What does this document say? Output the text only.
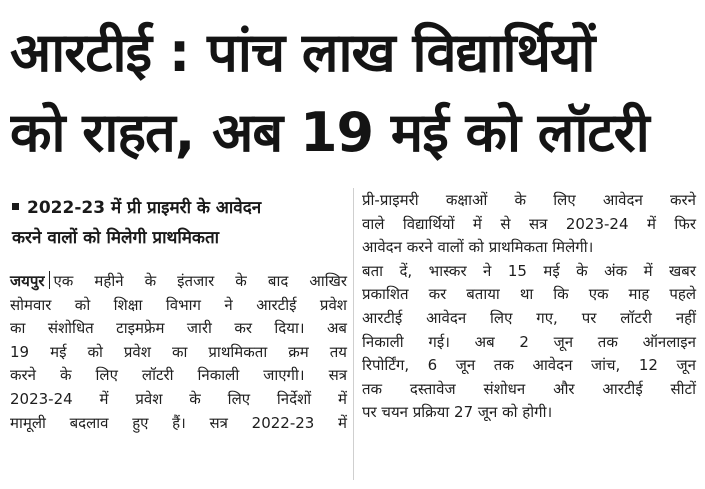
आरटीई : पांच लाख विद्यार्थियों
को राहत, अब 19 मई को लॉटरी
2022-23 में प्री प्राइमरी के आवेदन
करने वालों को मिलेगी प्राथमिकता
जयपुर एक महीने के इंतजार के बाद आखिर
सोमवार को शिक्षा विभाग ने आरटीई प्रवेश
का संशोधित टाइमफ्रेम जारी कर दिया। अब
19 मई को प्रवेश का प्राथमिकता क्रम तय
करने के लिए लॉटरी निकाली जाएगी। सत्र
2023-24 में प्रवेश के लिए निर्देशों में
मामूली बदलाव हुए हैं। सत्र 2022-23 में
प्री-प्राइमरी कक्षाओं के लिए आवेदन करने
वाले विद्यार्थियों में से सत्र 2023-24 में फिर
आवेदन करने वालों को प्राथमिकता मिलेगी।
बता दें, भास्कर ने 15 मई के अंक में खबर
प्रकाशित कर बताया था कि एक माह पहले
आरटीई आवेदन लिए गए, पर लॉटरी नहीं
निकाली गई। अब 2 जून तक ऑनलाइन
रिपोर्टिंग, 6 जून तक आवेदन जांच, 12 जून
तक दस्तावेज संशोधन और आरटीई सीटों
पर चयन प्रक्रिया 27 जून को होगी।
